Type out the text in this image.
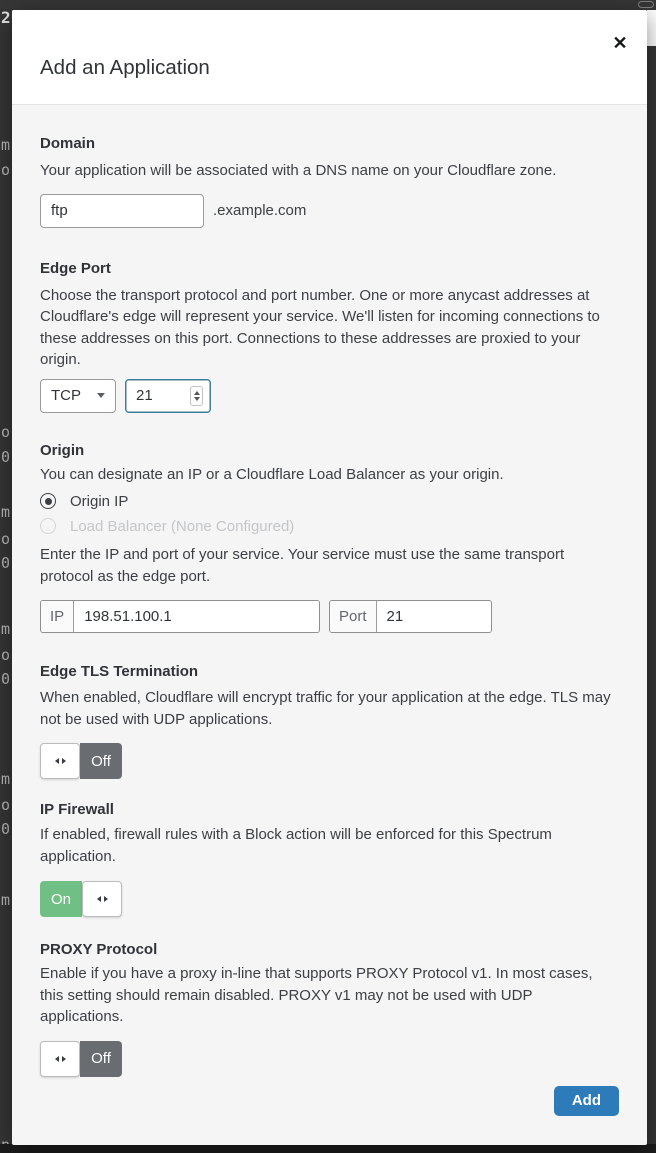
2
m
o
o
0
m
o
0
m
o
0
m
o
0
m
Add an Application
✕
Domain

Your application will be associated with a DNS name on your Cloudflare zone.

ftp
.example.com
Edge Port

Choose the transport protocol and port number. One or more anycast addresses at Cloudflare's edge will represent your service. We'll listen for incoming connections to these addresses on this port. Connections to these addresses are proxied to your origin.

TCP
21
Origin

You can designate an IP or a Cloudflare Load Balancer as your origin.

Origin IP
Load Balancer (None Configured)

Enter the IP and port of your service. Your service must use the same transport protocol as the edge port.

IP
198.51.100.1	Port
21
Edge TLS Termination

When enabled, Cloudflare will encrypt traffic for your application at the edge. TLS may not be used with UDP applications.

Off
IP Firewall

If enabled, firewall rules with a Block action will be enforced for this Spectrum application.

On
PROXY Protocol

Enable if you have a proxy in-line that supports PROXY Protocol v1. In most cases, this setting should remain disabled. PROXY v1 may not be used with UDP applications.

Off
Add
